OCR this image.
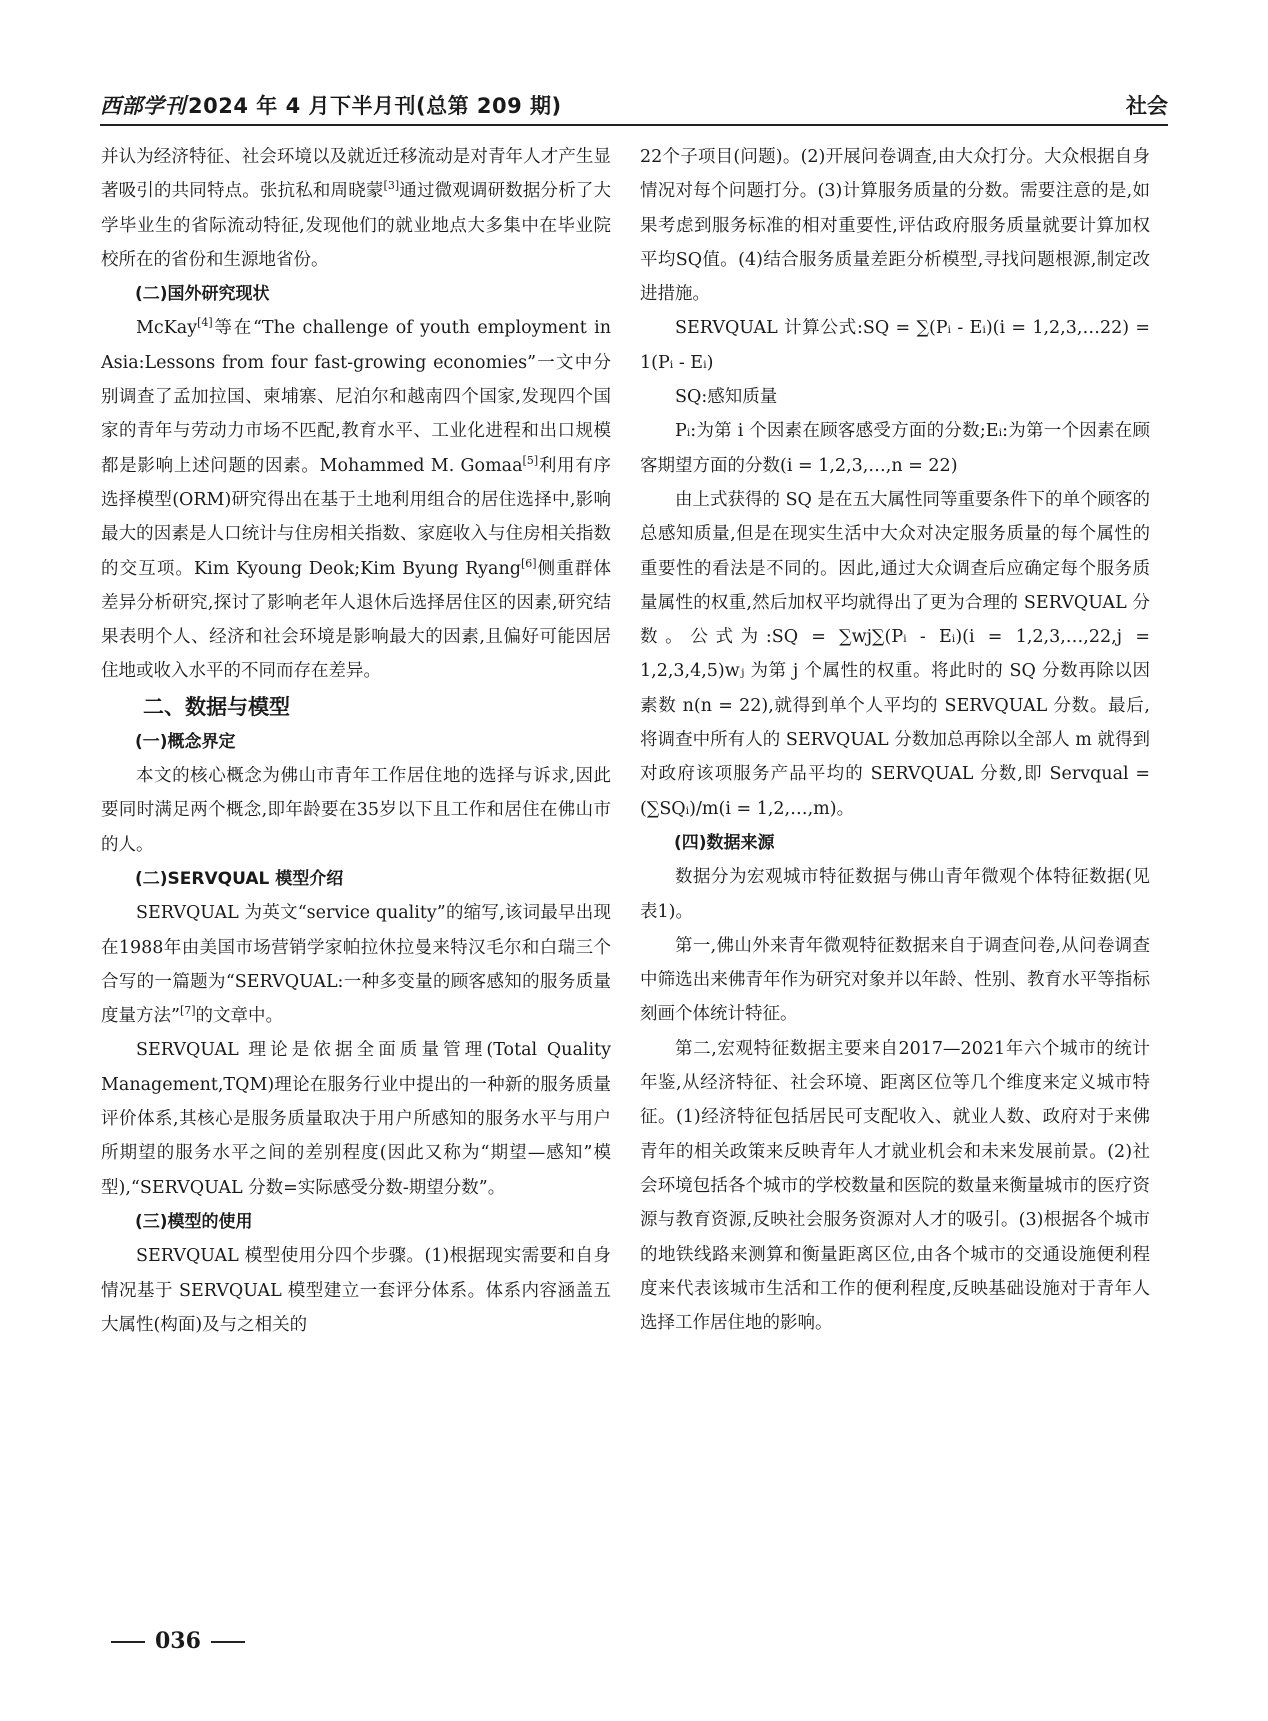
西部学刊2024 年 4 月下半月刊(总第 209 期)	社会

并认为经济特征、社会环境以及就近迁移流动是对青年人才产生显著吸引的共同特点。张抗私和周晓蒙[3]通过微观调研数据分析了大学毕业生的省际流动特征,发现他们的就业地点大多集中在毕业院校所在的省份和生源地省份。

(二)国外研究现状

McKay[4]等在“The challenge of youth employment in Asia:Lessons from four fast-growing economies”一文中分别调查了孟加拉国、柬埔寨、尼泊尔和越南四个国家,发现四个国家的青年与劳动力市场不匹配,教育水平、工业化进程和出口规模都是影响上述问题的因素。Mohammed M. Gomaa[5]利用有序选择模型(ORM)研究得出在基于土地利用组合的居住选择中,影响最大的因素是人口统计与住房相关指数、家庭收入与住房相关指数的交互项。Kim Kyoung Deok;Kim Byung Ryang[6]侧重群体差异分析研究,探讨了影响老年人退休后选择居住区的因素,研究结果表明个人、经济和社会环境是影响最大的因素,且偏好可能因居住地或收入水平的不同而存在差异。

二、数据与模型

(一)概念界定

本文的核心概念为佛山市青年工作居住地的选择与诉求,因此要同时满足两个概念,即年龄要在35岁以下且工作和居住在佛山市的人。

(二)SERVQUAL 模型介绍

SERVQUAL 为英文“service quality”的缩写,该词最早出现在1988年由美国市场营销学家帕拉休拉曼来特汉毛尔和白瑞三个合写的一篇题为“SERVQUAL:一种多变量的顾客感知的服务质量度量方法”[7]的文章中。

SERVQUAL 理论是依据全面质量管理(Total Quality Management,TQM)理论在服务行业中提出的一种新的服务质量评价体系,其核心是服务质量取决于用户所感知的服务水平与用户所期望的服务水平之间的差别程度(因此又称为“期望—感知”模型),“SERVQUAL 分数=实际感受分数-期望分数”。

(三)模型的使用

SERVQUAL 模型使用分四个步骤。(1)根据现实需要和自身情况基于 SERVQUAL 模型建立一套评分体系。体系内容涵盖五大属性(构面)及与之相关的

22个子项目(问题)。(2)开展问卷调查,由大众打分。大众根据自身情况对每个问题打分。(3)计算服务质量的分数。需要注意的是,如果考虑到服务标准的相对重要性,评估政府服务质量就要计算加权平均SQ值。(4)结合服务质量差距分析模型,寻找问题根源,制定改进措施。

SERVQUAL 计算公式:SQ = ∑(Pᵢ - Eᵢ)(i = 1,2,3,…22) = 1(Pᵢ - Eᵢ)

SQ:感知质量

Pᵢ:为第 i 个因素在顾客感受方面的分数;Eᵢ:为第一个因素在顾客期望方面的分数(i = 1,2,3,…,n = 22)

由上式获得的 SQ 是在五大属性同等重要条件下的单个顾客的总感知质量,但是在现实生活中大众对决定服务质量的每个属性的重要性的看法是不同的。因此,通过大众调查后应确定每个服务质量属性的权重,然后加权平均就得出了更为合理的 SERVQUAL 分数。公式为:SQ = ∑wj∑(Pᵢ - Eᵢ)(i = 1,2,3,…,22,j = 1,2,3,4,5)wⱼ 为第 j 个属性的权重。将此时的 SQ 分数再除以因素数 n(n = 22),就得到单个人平均的 SERVQUAL 分数。最后,将调查中所有人的 SERVQUAL 分数加总再除以全部人 m 就得到对政府该项服务产品平均的 SERVQUAL 分数,即 Servqual = (∑SQᵢ)/m(i = 1,2,…,m)。

(四)数据来源

数据分为宏观城市特征数据与佛山青年微观个体特征数据(见表1)。

第一,佛山外来青年微观特征数据来自于调查问卷,从问卷调查中筛选出来佛青年作为研究对象并以年龄、性别、教育水平等指标刻画个体统计特征。

第二,宏观特征数据主要来自2017—2021年六个城市的统计年鉴,从经济特征、社会环境、距离区位等几个维度来定义城市特征。(1)经济特征包括居民可支配收入、就业人数、政府对于来佛青年的相关政策来反映青年人才就业机会和未来发展前景。(2)社会环境包括各个城市的学校数量和医院的数量来衡量城市的医疗资源与教育资源,反映社会服务资源对人才的吸引。(3)根据各个城市的地铁线路来测算和衡量距离区位,由各个城市的交通设施便利程度来代表该城市生活和工作的便利程度,反映基础设施对于青年人选择工作居住地的影响。

036
